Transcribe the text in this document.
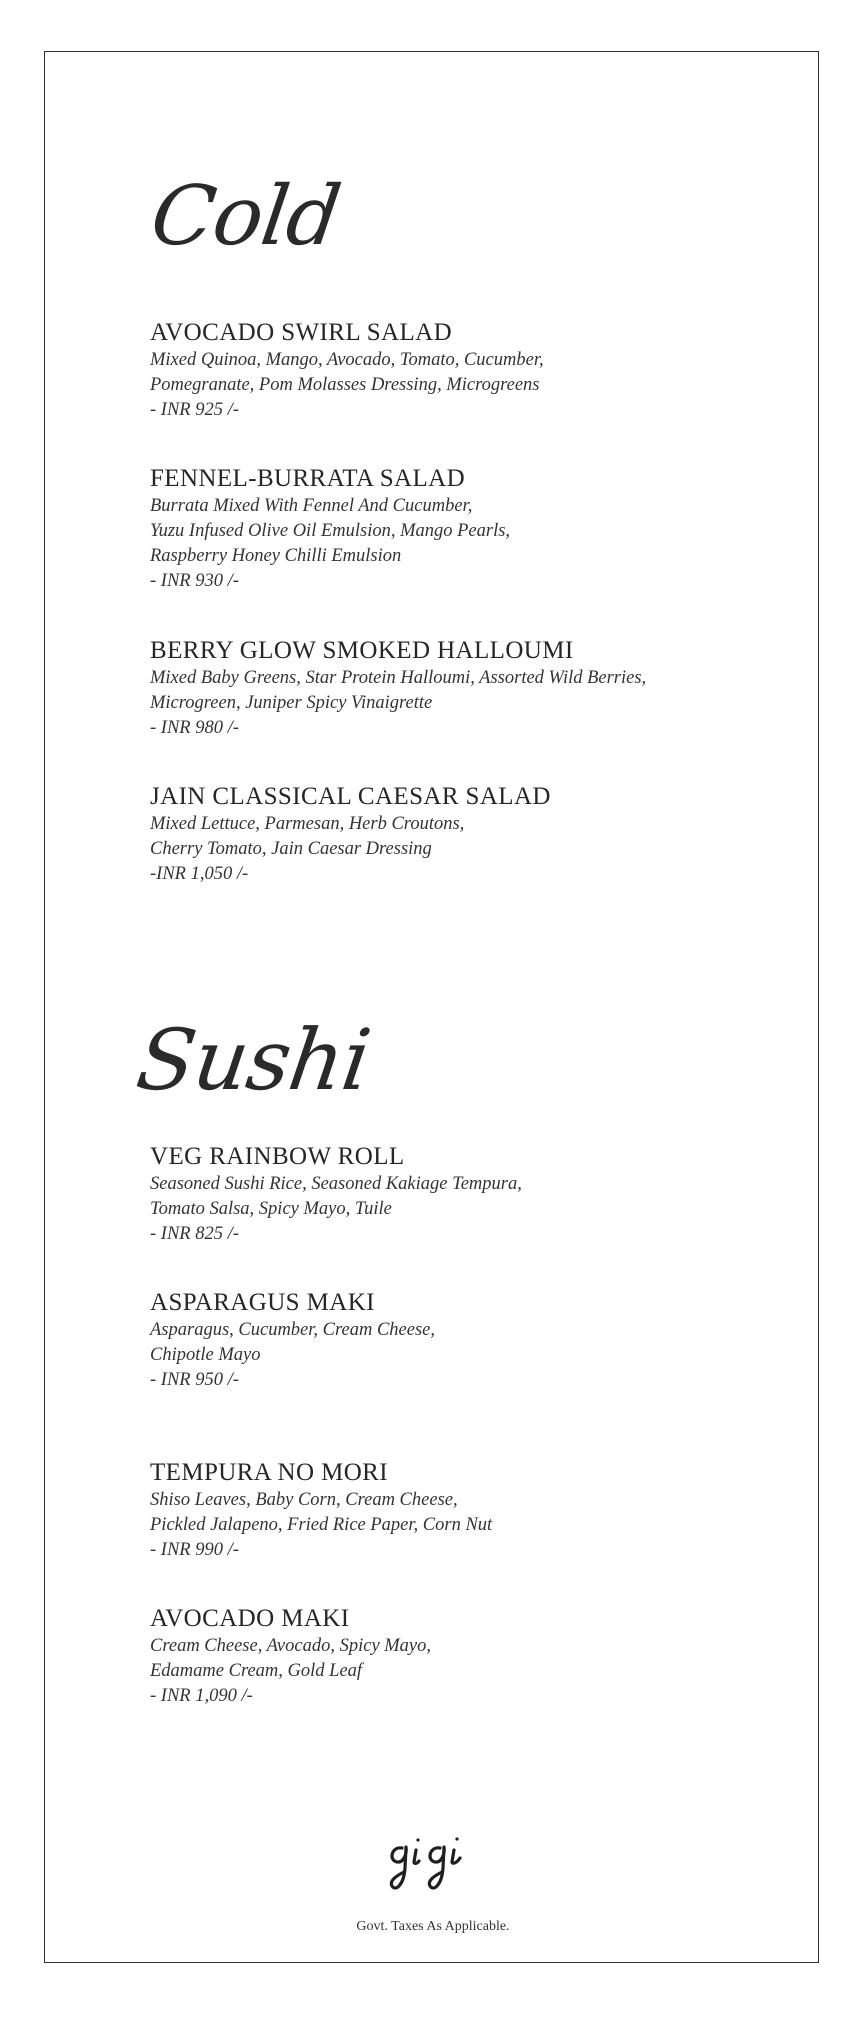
Cold
AVOCADO SWIRL SALAD
Mixed Quinoa, Mango, Avocado, Tomato, Cucumber,
Pomegranate, Pom Molasses Dressing, Microgreens
- INR 925 /-
FENNEL-BURRATA SALAD
Burrata Mixed With Fennel And Cucumber,
Yuzu Infused Olive Oil Emulsion, Mango Pearls,
Raspberry Honey Chilli Emulsion
- INR 930 /-
BERRY GLOW SMOKED HALLOUMI
Mixed Baby Greens, Star Protein Halloumi, Assorted Wild Berries,
Microgreen, Juniper Spicy Vinaigrette
- INR 980 /-
JAIN CLASSICAL CAESAR SALAD
Mixed Lettuce, Parmesan, Herb Croutons,
Cherry Tomato, Jain Caesar Dressing
-INR 1,050 /-
Sushi
VEG RAINBOW ROLL
Seasoned Sushi Rice, Seasoned Kakiage Tempura,
Tomato Salsa, Spicy Mayo, Tuile
- INR 825 /-
ASPARAGUS MAKI
Asparagus, Cucumber, Cream Cheese,
Chipotle Mayo
- INR 950 /-
TEMPURA NO MORI
Shiso Leaves, Baby Corn, Cream Cheese,
Pickled Jalapeno, Fried Rice Paper, Corn Nut
- INR 990 /-
AVOCADO MAKI
Cream Cheese, Avocado, Spicy Mayo,
Edamame Cream, Gold Leaf
- INR 1,090 /-
Govt. Taxes As Applicable.
